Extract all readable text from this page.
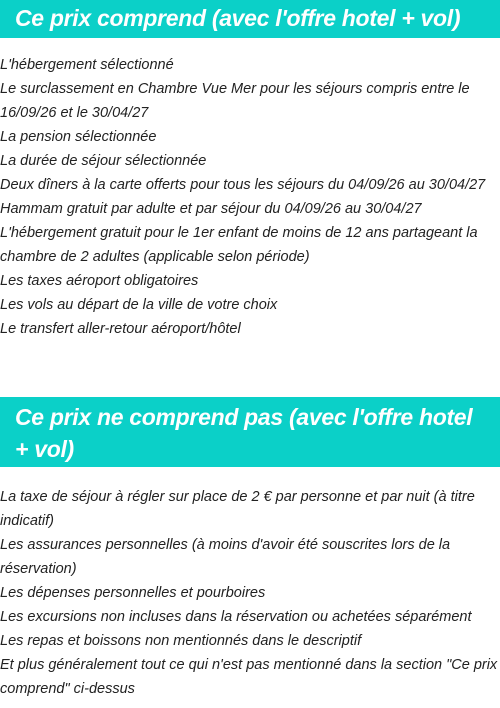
Ce prix comprend (avec l'offre hotel + vol)
L'hébergement sélectionné
Le surclassement en Chambre Vue Mer pour les séjours compris entre le 16/09/26 et le 30/04/27
La pension sélectionnée
La durée de séjour sélectionnée
Deux dîners à la carte offerts pour tous les séjours du 04/09/26 au 30/04/27
Hammam gratuit par adulte et par séjour du 04/09/26 au 30/04/27
L'hébergement gratuit pour le 1er enfant de moins de 12 ans partageant la chambre de 2 adultes (applicable selon période)
Les taxes aéroport obligatoires
Les vols au départ de la ville de votre choix
Le transfert aller-retour aéroport/hôtel
Ce prix ne comprend pas (avec l'offre hotel + vol)
La taxe de séjour à régler sur place de 2 € par personne et par nuit (à titre indicatif)
Les assurances personnelles (à moins d'avoir été souscrites lors de la réservation)
Les dépenses personnelles et pourboires
Les excursions non incluses dans la réservation ou achetées séparément
Les repas et boissons non mentionnés dans le descriptif
Et plus généralement tout ce qui n'est pas mentionné dans la section "Ce prix comprend" ci-dessus
